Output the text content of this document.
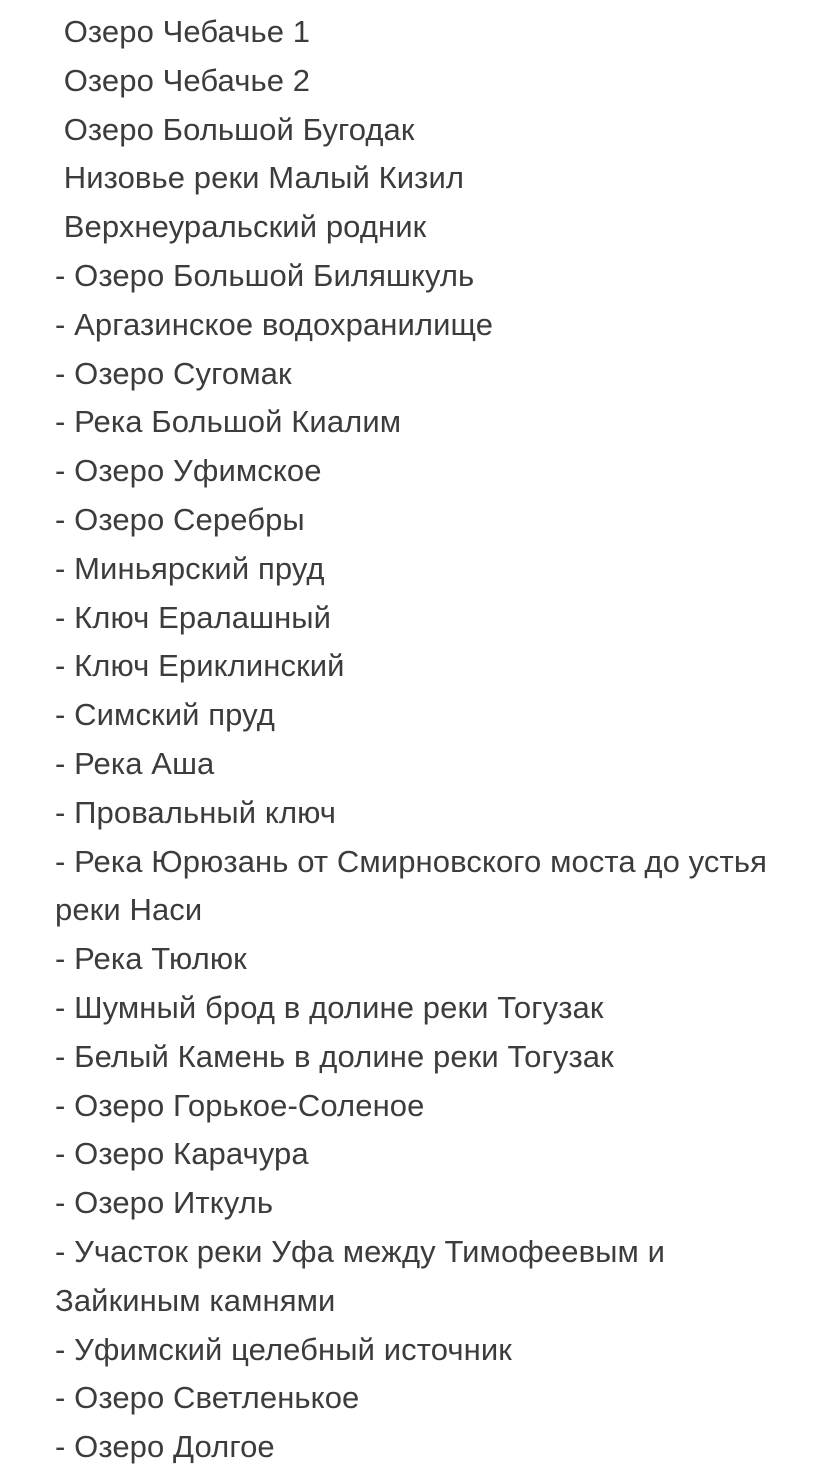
Озеро Чебачье 1
Озеро Чебачье 2
Озеро Большой Бугодак
Низовье реки Малый Кизил
Верхнеуральский родник
- Озеро Большой Биляшкуль
- Аргазинское водохранилище
- Озеро Сугомак
- Река Большой Киалим
- Озеро Уфимское
- Озеро Серебры
- Миньярский пруд
- Ключ Ералашный
- Ключ Ериклинский
- Симский пруд
- Река Аша
- Провальный ключ
- Река Юрюзань от Смирновского моста до устья реки Наси
- Река Тюлюк
- Шумный брод в долине реки Тогузак
- Белый Камень в долине реки Тогузак
- Озеро Горькое-Соленое
- Озеро Карачура
- Озеро Иткуль
- Участок реки Уфа между Тимофеевым и Зайкиным камнями
- Уфимский целебный источник
- Озеро Светленькое
- Озеро Долгое
